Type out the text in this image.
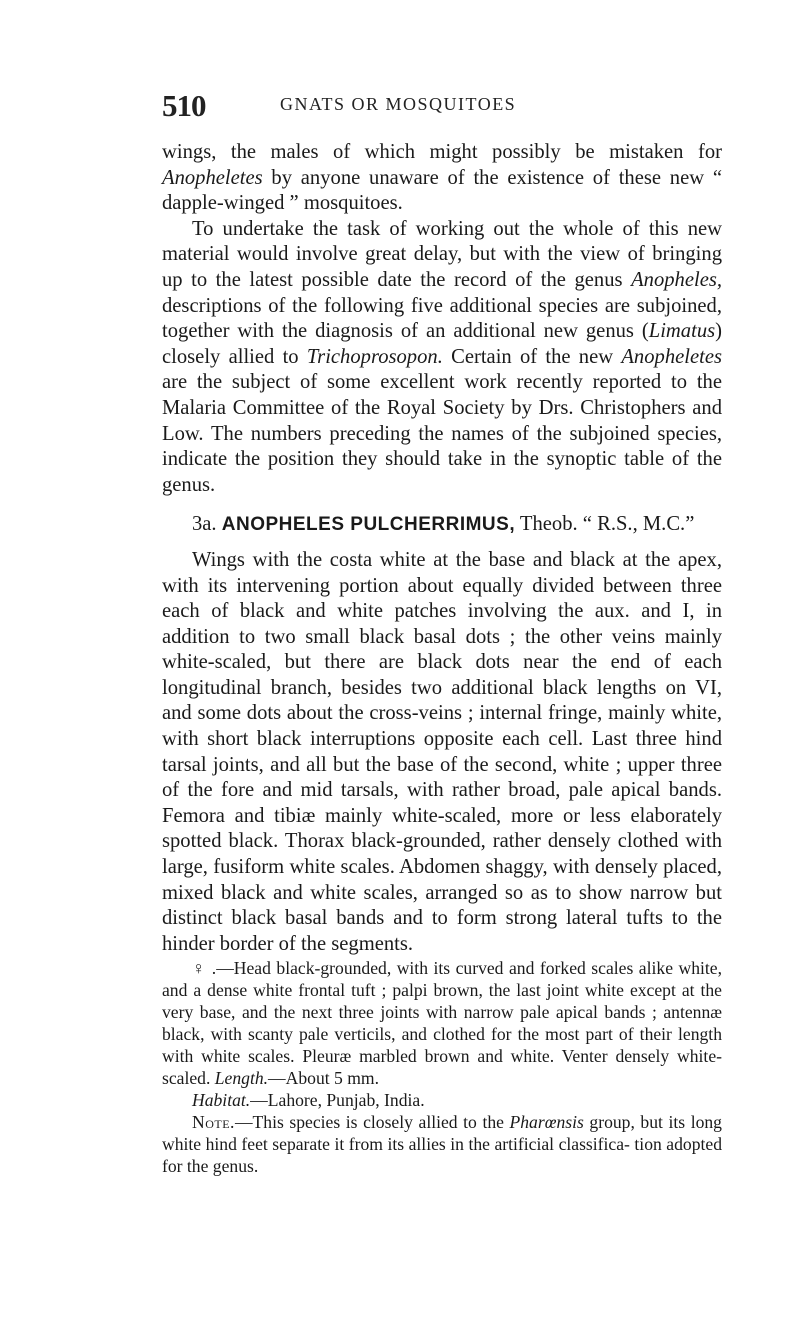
510	GNATS OR MOSQUITOES

wings, the males of which might possibly be mistaken for Anopheletes by anyone unaware of the existence of these new “ dapple-winged ” mosquitoes.

To undertake the task of working out the whole of this new material would involve great delay, but with the view of bringing up to the latest possible date the record of the genus Anopheles, descriptions of the following five additional species are subjoined, together with the diagnosis of an additional new genus (Limatus) closely allied to Trichoprosopon. Certain of the new Anopheletes are the subject of some excellent work recently reported to the Malaria Committee of the Royal Society by Drs. Christophers and Low. The numbers preceding the names of the subjoined species, indicate the position they should take in the synoptic table of the genus.

3a. ANOPHELES PULCHERRIMUS, Theob. “ R.S., M.C.”

Wings with the costa white at the base and black at the apex, with its intervening portion about equally divided between three each of black and white patches involving the aux. and I, in addition to two small black basal dots ; the other veins mainly white-scaled, but there are black dots near the end of each longitudinal branch, besides two additional black lengths on VI, and some dots about the cross-veins ; internal fringe, mainly white, with short black interruptions opposite each cell. Last three hind tarsal joints, and all but the base of the second, white ; upper three of the fore and mid tarsals, with rather broad, pale apical bands. Femora and tibiæ mainly white-scaled, more or less elaborately spotted black. Thorax black-grounded, rather densely clothed with large, fusiform white scales. Abdomen shaggy, with densely placed, mixed black and white scales, arranged so as to show narrow but distinct black basal bands and to form strong lateral tufts to the hinder border of the segments.

♀ .—Head black-grounded, with its curved and forked scales alike white, and a dense white frontal tuft ; palpi brown, the last joint white except at the very base, and the next three joints with narrow pale apical bands ; antennæ black, with scanty pale verticils, and clothed for the most part of their length with white scales. Pleuræ marbled brown and white. Venter densely white-scaled. Length.—About 5 mm.

Habitat.—Lahore, Punjab, India.

Note.—This species is closely allied to the Pharœnsis group, but its long white hind feet separate it from its allies in the artificial classifica- tion adopted for the genus.
